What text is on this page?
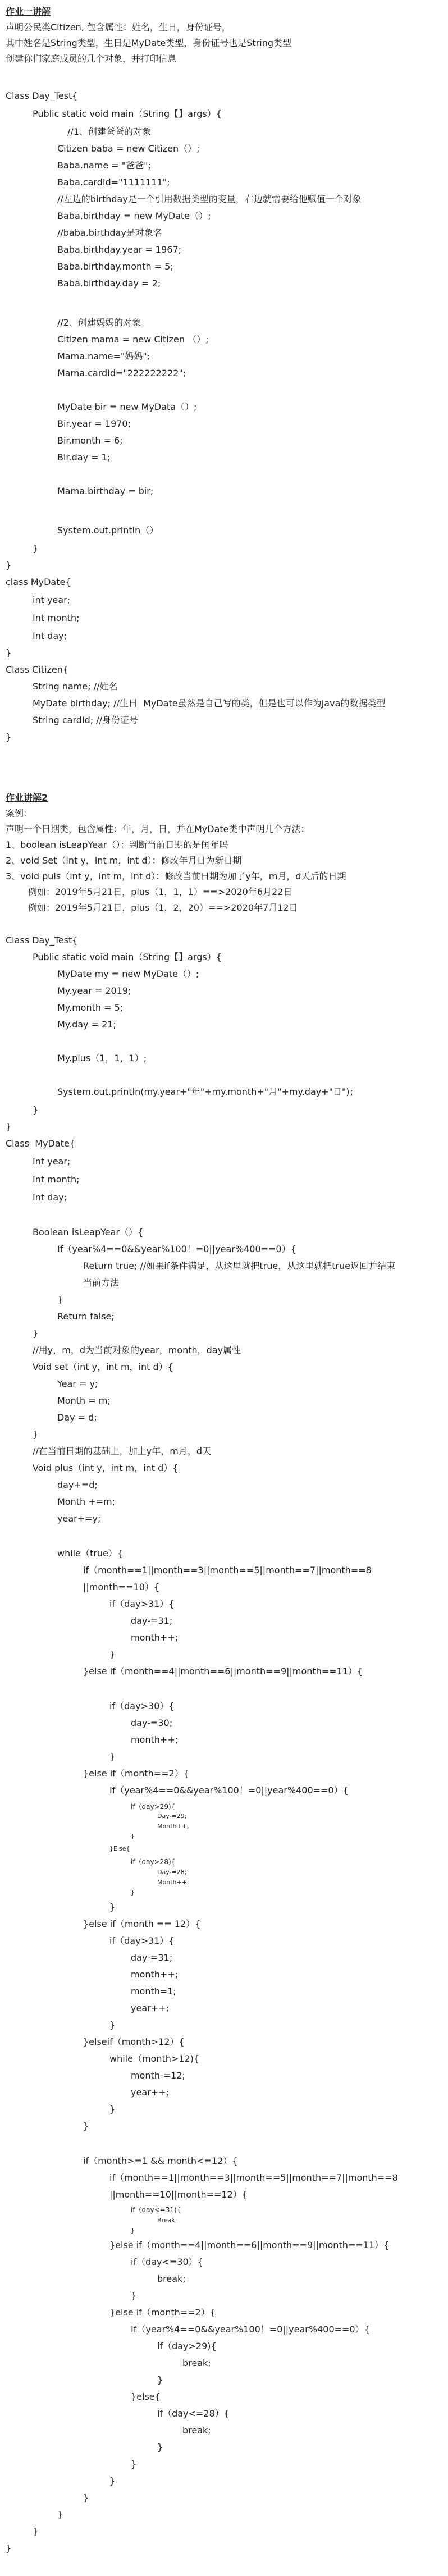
作业一讲解
声明公民类Citizen, 包含属性：姓名，生日，身份证号，
其中姓名是String类型，生日是MyDate类型，身份证号也是String类型
创建你们家庭成员的几个对象，并打印信息
Class Day_Test{
Public static void main（String【】args）{
//1、创建爸爸的对象
Citizen baba = new Citizen（）;
Baba.name = "爸爸";
Baba.cardId="1111111";
//左边的birthday是一个引用数据类型的变量，右边就需要给他赋值一个对象
Baba.birthday = new MyDate（）;
//baba.birthday是对象名
Baba.birthday.year = 1967;
Baba.birthday.month = 5;
Baba.birthday.day = 2;
//2、创建妈妈的对象
Citizen mama = new Citizen （）;
Mama.name="妈妈";
Mama.cardId="222222222";
MyDate bir = new MyData（）;
Bir.year = 1970;
Bir.month = 6;
Bir.day = 1;
Mama.birthday = bir;
System.out.println（）
}
}
class MyDate{
int year;
Int month;
Int day;
}
Class Citizen{
String name; //姓名
MyDate birthday; //生日  MyDate虽然是自己写的类，但是也可以作为Java的数据类型
String cardId; //身份证号
}
作业讲解2
案例:
声明一个日期类，包含属性：年，月，日，并在MyDate类中声明几个方法：
1、boolean isLeapYear（）：判断当前日期的是闰年吗
2、void Set（int y，int m，int d）：修改年月日为新日期
3、void puls（int y，int m，int d）：修改当前日期为加了y年，m月，d天后的日期
例如：2019年5月21日，plus（1，1，1）==>2020年6月22日
例如：2019年5月21日，plus（1，2，20）==>2020年7月12日
Class Day_Test{
Public static void main（String【】args）{
MyDate my = new MyDate（）;
My.year = 2019;
My.month = 5;
My.day = 21;
My.plus（1，1，1）;
System.out.println(my.year+"年"+my.month+"月"+my.day+"日")；
}
}
Class  MyDate{
Int year;
Int month;
Int day;
Boolean isLeapYear（）{
If（year%4==0&&year%100！=0||year%400==0）{
Return true; //如果if条件满足，从这里就把true，从这里就把true返回并结束
当前方法
}
Return false;
}
//用y，m，d为当前对象的year，month，day属性
Void set（int y，int m，int d）{
Year = y;
Month = m;
Day = d;
}
//在当前日期的基础上，加上y年，m月，d天
Void plus（int y，int m，int d）{
day+=d;
Month +=m;
year+=y;
while（true）{
if（month==1||month==3||month==5||month==7||month==8
||month==10）{
if（day>31）{
day-=31;
month++;
}
}else if（month==4||month==6||month==9||month==11）{
if（day>30）{
day-=30;
month++;
}
}else if（month==2）{
If（year%4==0&&year%100！=0||year%400==0）{
if（day>29){
Day-=29;
Month++;
}
}Else{
if（day>28){
Day-=28;
Month++;
}
}
}else if（month == 12）{
if（day>31）{
day-=31;
month++;
month=1;
year++;
}
}elseif（month>12）{
while（month>12){
month-=12;
year++;
}
}
if（month>=1 && month<=12）{
if（month==1||month==3||month==5||month==7||month==8
||month==10||month==12）{
if（day<=31){
Break;
}
}else if（month==4||month==6||month==9||month==11）{
if（day<=30）{
break;
}
}else if（month==2）{
If（year%4==0&&year%100！=0||year%400==0）{
if（day>29){
break;
}
}else{
if（day<=28）{
break;
}
}
}
}
}
}
}
